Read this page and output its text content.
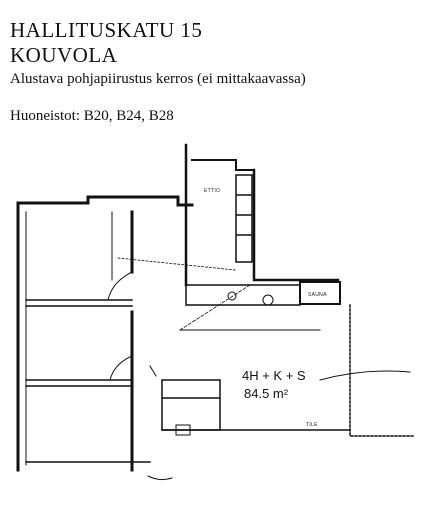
HALLITUSKATU 15
KOUVOLA
Alustava pohjapiirustus kerros (ei mittakaavassa)
Huoneistot: B20, B24, B28
4H + K + S
84.5 m²
ETTIO
SAUNA
TILE
